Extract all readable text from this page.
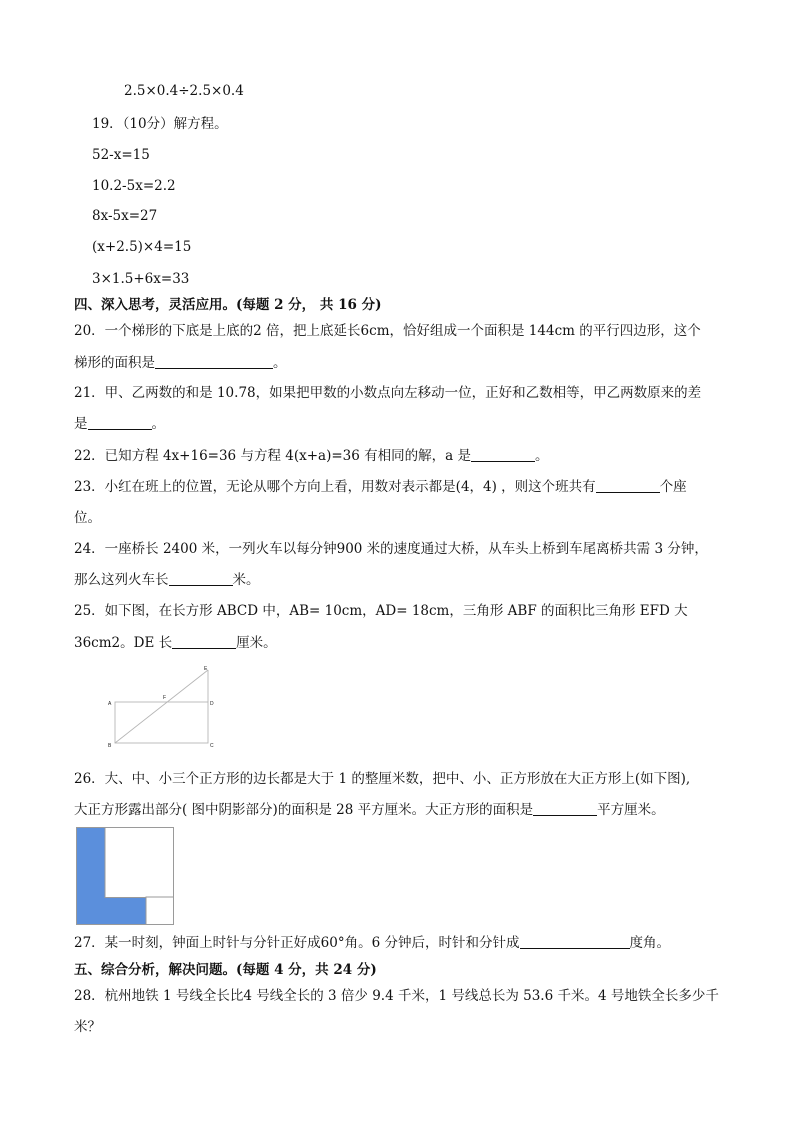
2.5×0.4÷2.5×0.4
19．（10分）解方程。
52-x=15
10.2-5x=2.2
8x-5x=27
(x+2.5)×4=15
3×1.5+6x=33
四、深入思考，灵活应用。(每题 2 分， 共 16 分)
20．一个梯形的下底是上底的2 倍，把上底延长6cm，恰好组成一个面积是 144cm 的平行四边形，这个
梯形的面积是	。
21．甲、乙两数的和是 10.78，如果把甲数的小数点向左移动一位，正好和乙数相等，甲乙两数原来的差
是	。
22．已知方程 4x+16=36 与方程 4(x+a)=36 有相同的解，a 是	。
23．小红在班上的位置，无论从哪个方向上看，用数对表示都是(4，4) ，则这个班共有	个座
位。
24．一座桥长 2400 米，一列火车以每分钟900 米的速度通过大桥，从车头上桥到车尾离桥共需 3 分钟，
那么这列火车长	米。
25．如下图，在长方形 ABCD 中，AB= 10cm，AD= 18cm，三角形 ABF 的面积比三角形 EFD 大
36cm2。DE 长	厘米。
A
B	C
D
E
F
26．大、中、小三个正方形的边长都是大于 1 的整厘米数，把中、小、正方形放在大正方形上(如下图),
大正方形露出部分( 图中阴影部分)的面积是 28 平方厘米。大正方形的面积是	平方厘米。
27．某一时刻，钟面上时针与分针正好成60°角。6 分钟后，时针和分针成	度角。
五、综合分析，解决问题。(每题 4 分，共 24 分)
28．杭州地铁 1 号线全长比4 号线全长的 3 倍少 9.4 千米，1 号线总长为 53.6 千米。4 号地铁全长多少千
米？
